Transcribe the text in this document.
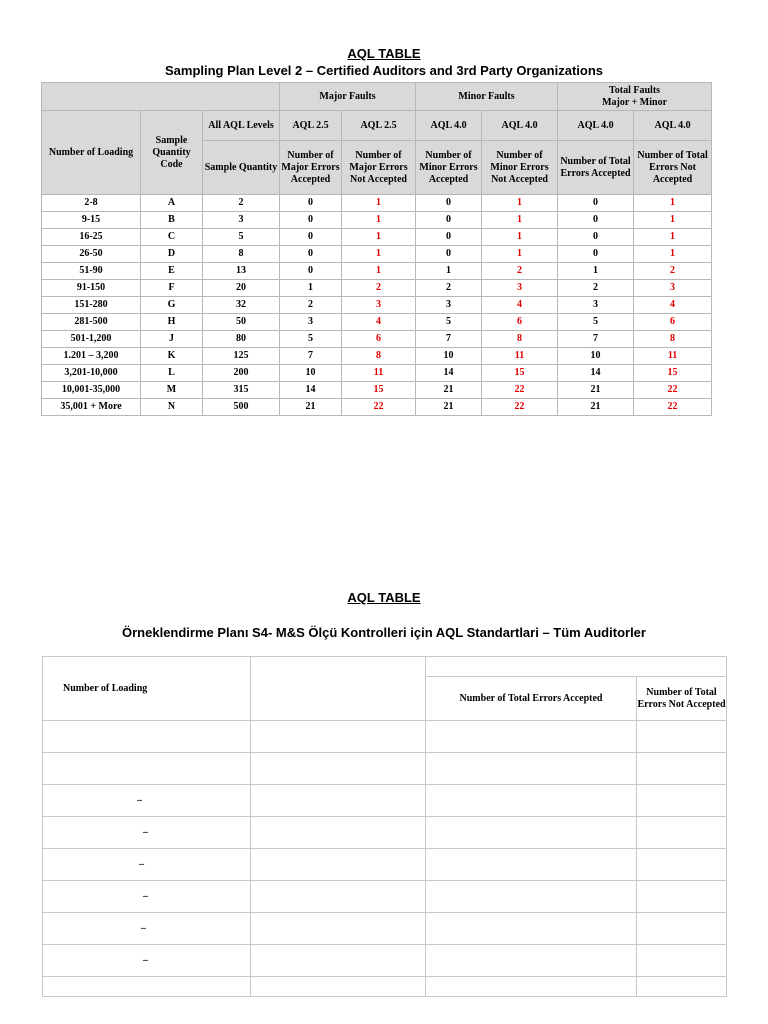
AQL TABLE
Sampling Plan Level 2 – Certified Auditors and 3rd Party Organizations
			Major Faults		Minor Faults		Total Faults
Major + Minor	

Number of Loading	Sample Quantity Code	All AQL Levels	AQL 2.5	AQL 2.5	AQL 4.0	AQL 4.0	AQL 4.0	AQL 4.0
		Sample Quantity	Number of Major Errors Accepted	Number of Major Errors Not Accepted	Number of Minor Errors Accepted	Number of Minor Errors Not Accepted	Number of Total Errors Accepted	Number of Total Errors Not Accepted
2-8	A	2	0	1	0	1	0	1
9-15	B	3	0	1	0	1	0	1
16-25	C	5	0	1	0	1	0	1
26-50	D	8	0	1	0	1	0	1
51-90	E	13	0	1	1	2	1	2
91-150	F	20	1	2	2	3	2	3
151-280	G	32	2	3	3	4	3	4
281-500	H	50	3	4	5	6	5	6
501-1,200	J	80	5	6	7	8	7	8
1.201 – 3,200	K	125	7	8	10	11	10	11
3,201-10,000	L	200	10	11	14	15	14	15
10,001-35,000	M	315	14	15	21	22	21	22
35,001 + More	N	500	21	22	21	22	21	22
AQL TABLE
Örneklendirme Planı S4- M&S Ölçü Kontrolleri için AQL Standartlari – Tüm Auditorler
Number of Loading			
		Number of Total Errors Accepted	Number of Total Errors Not Accepted

–			
–			
–			
–			
–			
–			
